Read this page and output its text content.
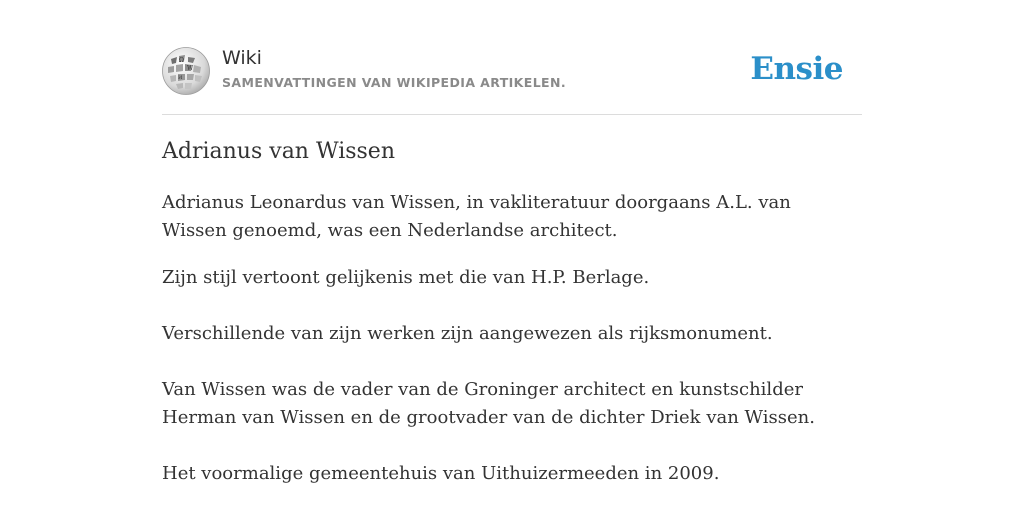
Ω
W
И
Wiki
SAMENVATTINGEN VAN WIKIPEDIA ARTIKELEN.	Ensie
Adrianus van Wissen

Adrianus Leonardus van Wissen, in vakliteratuur doorgaans A.L. van Wissen genoemd, was een Nederlandse architect.

Zijn stijl vertoont gelijkenis met die van H.P. Berlage.

Verschillende van zijn werken zijn aangewezen als rijksmonument.

Van Wissen was de vader van de Groninger architect en kunstschilder Herman van Wissen en de grootvader van de dichter Driek van Wissen.

Het voormalige gemeentehuis van Uithuizermeeden in 2009.
